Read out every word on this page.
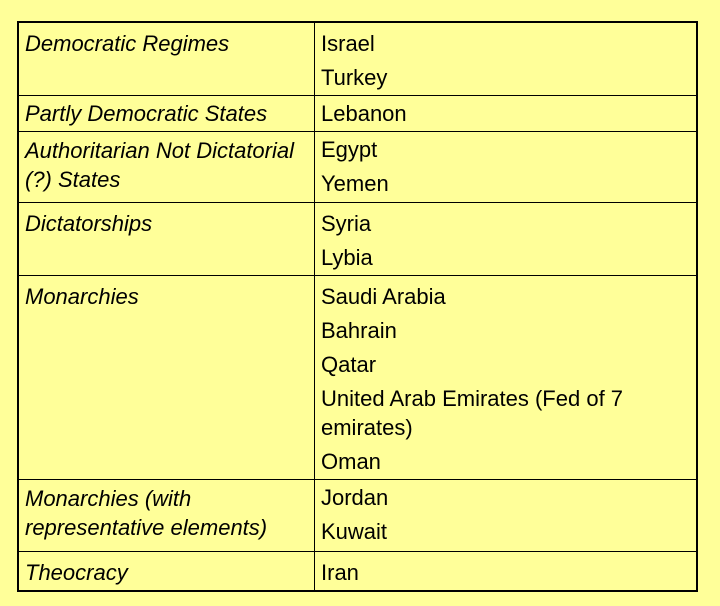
Democratic Regimes	Israel
Turkey

Partly Democratic States	Lebanon

Authoritarian Not Dictatorial (?) States	Egypt
Yemen

Dictatorships	Syria
Lybia

Monarchies	Saudi Arabia
Bahrain
Qatar
United Arab Emirates (Fed of 7 emirates)
Oman

Monarchies (with representative elements)	Jordan
Kuwait

Theocracy	Iran
